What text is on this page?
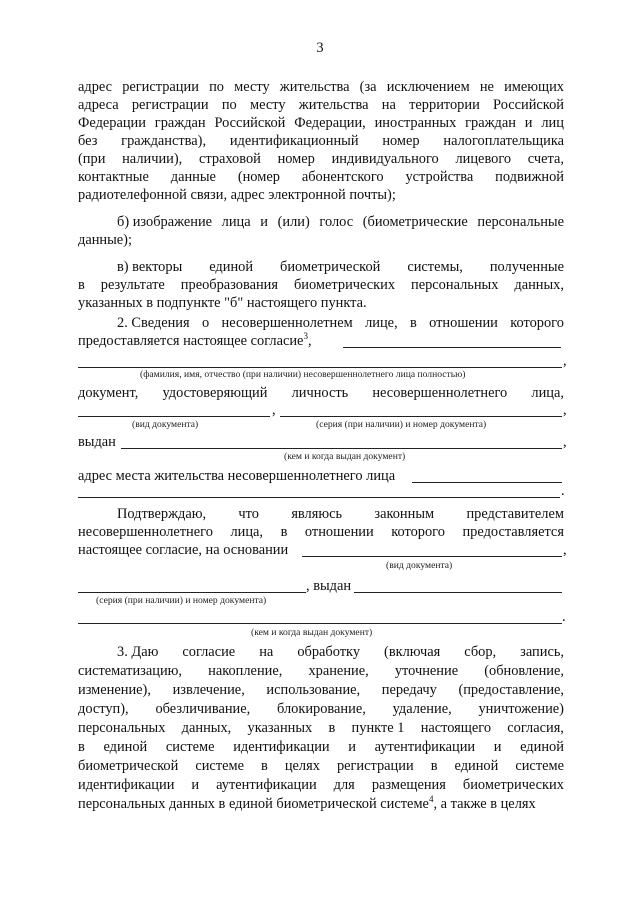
3
адрес регистрации по месту жительства (за исключением не имеющих
адреса регистрации по месту жительства на территории Российской
Федерации граждан Российской Федерации, иностранных граждан и лиц
без гражданства), идентификационный номер налогоплательщика
(при наличии), страховой номер индивидуального лицевого счета,
контактные данные (номер абонентского устройства подвижной
радиотелефонной связи, адрес электронной почты);
б) изображение лица и (или) голос (биометрические персональные
данные);
в) векторы единой биометрической системы, полученные
в результате преобразования биометрических персональных данных,
указанных в подпункте "б" настоящего пункта.
2. Сведения о несовершеннолетнем лице, в отношении которого
предоставляется настоящее согласие$^3$,
,
(фамилия, имя, отчество (при наличии) несовершеннолетнего лица полностью)
документ, удостоверяющий личность несовершеннолетнего лица,
,	,
(вид документа)	(серия (при наличии) и номер документа)
выдан	,
(кем и когда выдан документ)
адрес места жительства несовершеннолетнего лица
.
Подтверждаю, что являюсь законным представителем
несовершеннолетнего лица, в отношении которого предоставляется
настоящее согласие, на основании	,
(вид документа)
, выдан
(серия (при наличии) и номер документа)
.
(кем и когда выдан документ)
3. Даю согласие на обработку (включая сбор, запись,
систематизацию, накопление, хранение, уточнение (обновление,
изменение), извлечение, использование, передачу (предоставление,
доступ), обезличивание, блокирование, удаление, уничтожение)
персональных данных, указанных в пункте 1 настоящего согласия,
в единой системе идентификации и аутентификации и единой
биометрической системе в целях регистрации в единой системе
идентификации и аутентификации для размещения биометрических
персональных данных в единой биометрической системе$^4$, а также в целях
